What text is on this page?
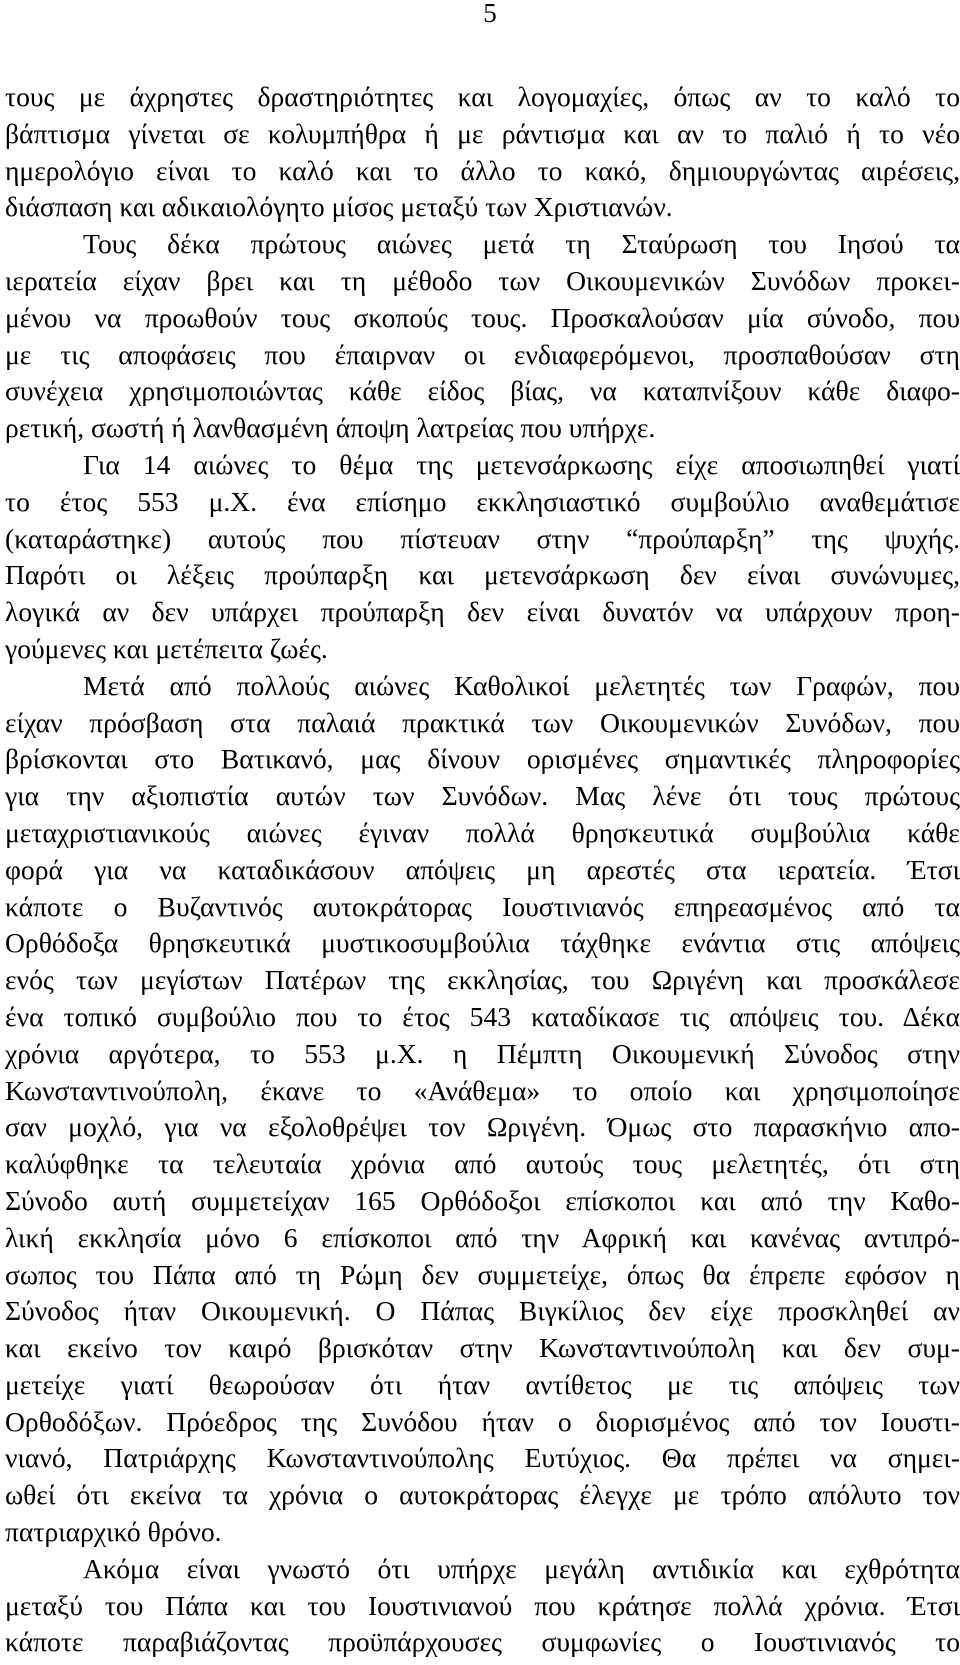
5
τους με άχρηστες δραστηριότητες και λογομαχίες, όπως αν το καλό το
βάπτισμα γίνεται σε κολυμπήθρα ή με ράντισμα και αν το παλιό ή το νέο
ημερολόγιο είναι το καλό και το άλλο το κακό, δημιουργώντας αιρέσεις,
διάσπαση και αδικαιολόγητο μίσος μεταξύ των Χριστιανών.
Τους δέκα πρώτους αιώνες μετά τη Σταύρωση του Ιησού τα
ιερατεία είχαν βρει και τη μέθοδο των Οικουμενικών Συνόδων προκει-
μένου να προωθούν τους σκοπούς τους. Προσκαλούσαν μία σύνοδο, που
με τις αποφάσεις που έπαιρναν οι ενδιαφερόμενοι, προσπαθούσαν στη
συνέχεια χρησιμοποιώντας κάθε είδος βίας, να καταπνίξουν κάθε διαφο-
ρετική, σωστή ή λανθασμένη άποψη λατρείας που υπήρχε.
Για 14 αιώνες το θέμα της μετενσάρκωσης είχε αποσιωπηθεί γιατί
το έτος 553 μ.Χ. ένα επίσημο εκκλησιαστικό συμβούλιο αναθεμάτισε
(καταράστηκε) αυτούς που πίστευαν στην “προύπαρξη” της ψυχής.
Παρότι οι λέξεις προύπαρξη και μετενσάρκωση δεν είναι συνώνυμες,
λογικά αν δεν υπάρχει προύπαρξη δεν είναι δυνατόν να υπάρχουν προη-
γούμενες και μετέπειτα ζωές.
Μετά από πολλούς αιώνες Καθολικοί μελετητές των Γραφών, που
είχαν πρόσβαση στα παλαιά πρακτικά των Οικουμενικών Συνόδων, που
βρίσκονται στο Βατικανό, μας δίνουν ορισμένες σημαντικές πληροφορίες
για την αξιοπιστία αυτών των Συνόδων. Μας λένε ότι τους πρώτους
μεταχριστιανικούς αιώνες έγιναν πολλά θρησκευτικά συμβούλια κάθε
φορά για να καταδικάσουν απόψεις μη αρεστές στα ιερατεία. Έτσι
κάποτε ο Βυζαντινός αυτοκράτορας Ιουστινιανός επηρεασμένος από τα
Ορθόδοξα θρησκευτικά μυστικοσυμβούλια τάχθηκε ενάντια στις απόψεις
ενός των μεγίστων Πατέρων της εκκλησίας, του Ωριγένη και προσκάλεσε
ένα τοπικό συμβούλιο που το έτος 543 καταδίκασε τις απόψεις του. Δέκα
χρόνια αργότερα, το 553 μ.Χ. η Πέμπτη Οικουμενική Σύνοδος στην
Κωνσταντινούπολη, έκανε το «Ανάθεμα» το οποίο και χρησιμοποίησε
σαν μοχλό, για να εξολοθρέψει τον Ωριγένη. Όμως στο παρασκήνιο απο-
καλύφθηκε τα τελευταία χρόνια από αυτούς τους μελετητές, ότι στη
Σύνοδο αυτή συμμετείχαν 165 Ορθόδοξοι επίσκοποι και από την Καθο-
λική εκκλησία μόνο 6 επίσκοποι από την Αφρική και κανένας αντιπρό-
σωπος του Πάπα από τη Ρώμη δεν συμμετείχε, όπως θα έπρεπε εφόσον η
Σύνοδος ήταν Οικουμενική. Ο Πάπας Βιγκίλιος δεν είχε προσκληθεί αν
και εκείνο τον καιρό βρισκόταν στην Κωνσταντινούπολη και δεν συμ-
μετείχε γιατί θεωρούσαν ότι ήταν αντίθετος με τις απόψεις των
Ορθοδόξων. Πρόεδρος της Συνόδου ήταν ο διορισμένος από τον Ιουστι-
νιανό, Πατριάρχης Κωνσταντινούπολης Ευτύχιος. Θα πρέπει να σημει-
ωθεί ότι εκείνα τα χρόνια ο αυτοκράτορας έλεγχε με τρόπο απόλυτο τον
πατριαρχικό θρόνο.
Ακόμα είναι γνωστό ότι υπήρχε μεγάλη αντιδικία και εχθρότητα
μεταξύ του Πάπα και του Ιουστινιανού που κράτησε πολλά χρόνια. Έτσι
κάποτε παραβιάζοντας προϋπάρχουσες συμφωνίες ο Ιουστινιανός το
